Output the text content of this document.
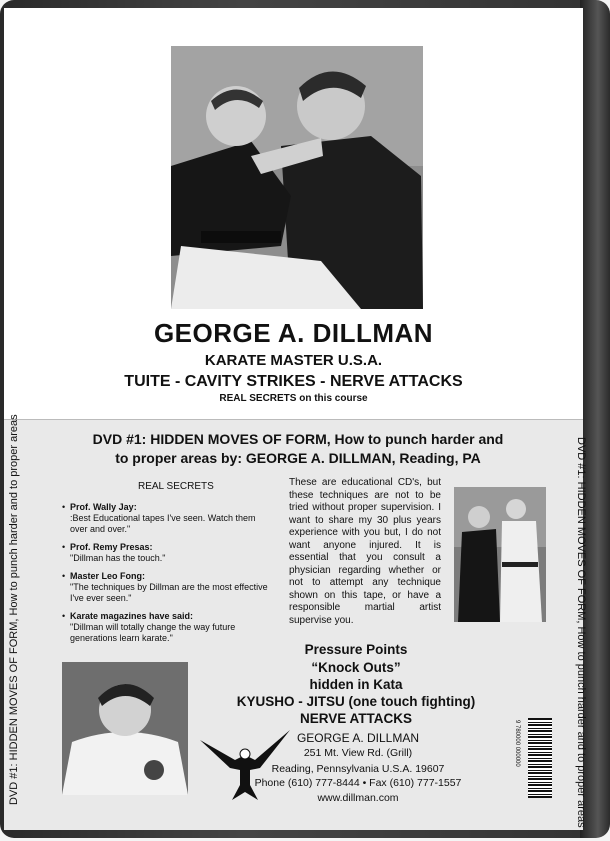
GEORGE A. DILLMAN
KARATE MASTER U.S.A.
TUITE - CAVITY STRIKES - NERVE ATTACKS
REAL SECRETS on this course
DVD #1: HIDDEN MOVES OF FORM, How to punch harder and
to proper areas by: GEORGE A. DILLMAN, Reading, PA
DVD #1: HIDDEN MOVES OF FORM, How to punch harder and to proper areas	DVD #1: HIDDEN MOVES OF FORM, How to punch harder and to proper areas
REAL SECRETS
• Prof. Wally Jay:
:Best Educational tapes I've seen. Watch them over and over."
• Prof. Remy Presas:
"Dillman has the touch."
• Master Leo Fong:
"The techniques by Dillman are the most effective I've ever seen."
• Karate magazines have said:
"Dillman will totally change the way future generations learn karate."
These are educational CD's, but these techniques are not to be tried without proper supervision. I want to share my 30 plus years experience with you but, I do not want anyone injured. It is essential that you consult a physician regarding whether or not to attempt any technique shown on this tape, or have a responsible martial artist supervise you.
Pressure Points
“Knock Outs”
hidden in Kata
KYUSHO - JITSU (one touch fighting)
NERVE ATTACKS
GEORGE A. DILLMAN
251 Mt. View Rd. (Grill)
Reading, Pennsylvania U.S.A. 19607
Phone (610) 777-8444 • Fax (610) 777-1557
www.dillman.com
9 780000 000000
